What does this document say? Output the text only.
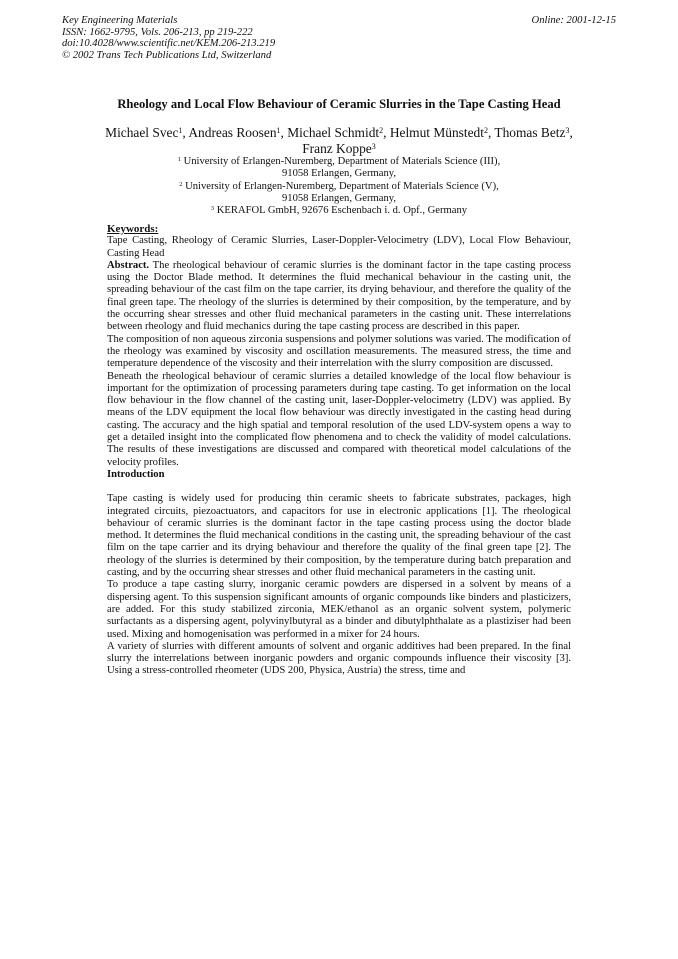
Key Engineering Materials
ISSN: 1662-9795, Vols. 206-213, pp 219-222
doi:10.4028/www.scientific.net/KEM.206-213.219
© 2002 Trans Tech Publications Ltd, Switzerland
Online: 2001-12-15
Rheology and Local Flow Behaviour of Ceramic Slurries in the Tape Casting Head
Michael Svec$^1$, Andreas Roosen$^1$, Michael Schmidt$^2$, Helmut Münstedt$^2$, Thomas Betz$^3$, Franz Koppe$^3$

$^1$ University of Erlangen-Nuremberg, Department of Materials Science (III),

91058 Erlangen, Germany,

$^2$ University of Erlangen-Nuremberg, Department of Materials Science (V),

91058 Erlangen, Germany,

$^3$ KERAFOL GmbH, 92676 Eschenbach i. d. Opf., Germany

Keywords:

Tape Casting, Rheology of Ceramic Slurries, Laser-Doppler-Velocimetry (LDV), Local Flow Behaviour, Casting Head

Abstract. The rheological behaviour of ceramic slurries is the dominant factor in the tape casting process using the Doctor Blade method. It determines the fluid mechanical behaviour in the casting unit, the spreading behaviour of the cast film on the tape carrier, its drying behaviour, and therefore the quality of the final green tape. The rheology of the slurries is determined by their composition, by the temperature, and by the occurring shear stresses and other fluid mechanical parameters in the casting unit. These interrelations between rheology and fluid mechanics during the tape casting process are described in this paper.

The composition of non aqueous zirconia suspensions and polymer solutions was varied. The modification of the rheology was examined by viscosity and oscillation measurements. The measured stress, the time and temperature dependence of the viscosity and their interrelation with the slurry composition are discussed.

Beneath the rheological behaviour of ceramic slurries a detailed knowledge of the local flow behaviour is important for the optimization of processing parameters during tape casting. To get information on the local flow behaviour in the flow channel of the casting unit, laser-Doppler-velocimetry (LDV) was applied. By means of the LDV equipment the local flow behaviour was directly investigated in the casting head during casting. The accuracy and the high spatial and temporal resolution of the used LDV-system opens a way to get a detailed insight into the complicated flow phenomena and to check the validity of model calculations. The results of these investigations are discussed and compared with theoretical model calculations of the velocity profiles.

Introduction

Tape casting is widely used for producing thin ceramic sheets to fabricate substrates, packages, high integrated circuits, piezoactuators, and capacitors for use in electronic applications [1]. The rheological behaviour of ceramic slurries is the dominant factor in the tape casting process using the doctor blade method. It determines the fluid mechanical conditions in the casting unit, the spreading behaviour of the cast film on the tape carrier and its drying behaviour and therefore the quality of the final green tape [2]. The rheology of the slurries is determined by their composition, by the temperature during batch preparation and casting, and by the occurring shear stresses and other fluid mechanical parameters in the casting unit.

To produce a tape casting slurry, inorganic ceramic powders are dispersed in a solvent by means of a dispersing agent. To this suspension significant amounts of organic compounds like binders and plasticizers, are added. For this study stabilized zirconia, MEK/ethanol as an organic solvent system, polymeric surfactants as a dispersing agent, polyvinylbutyral as a binder and dibutylphthalate as a plastiziser had been used. Mixing and homogenisation was performed in a mixer for 24 hours.

A variety of slurries with different amounts of solvent and organic additives had been prepared. In the final slurry the interrelations between inorganic powders and organic compounds influence their viscosity [3]. Using a stress-controlled rheometer (UDS 200, Physica, Austria) the stress, time and
